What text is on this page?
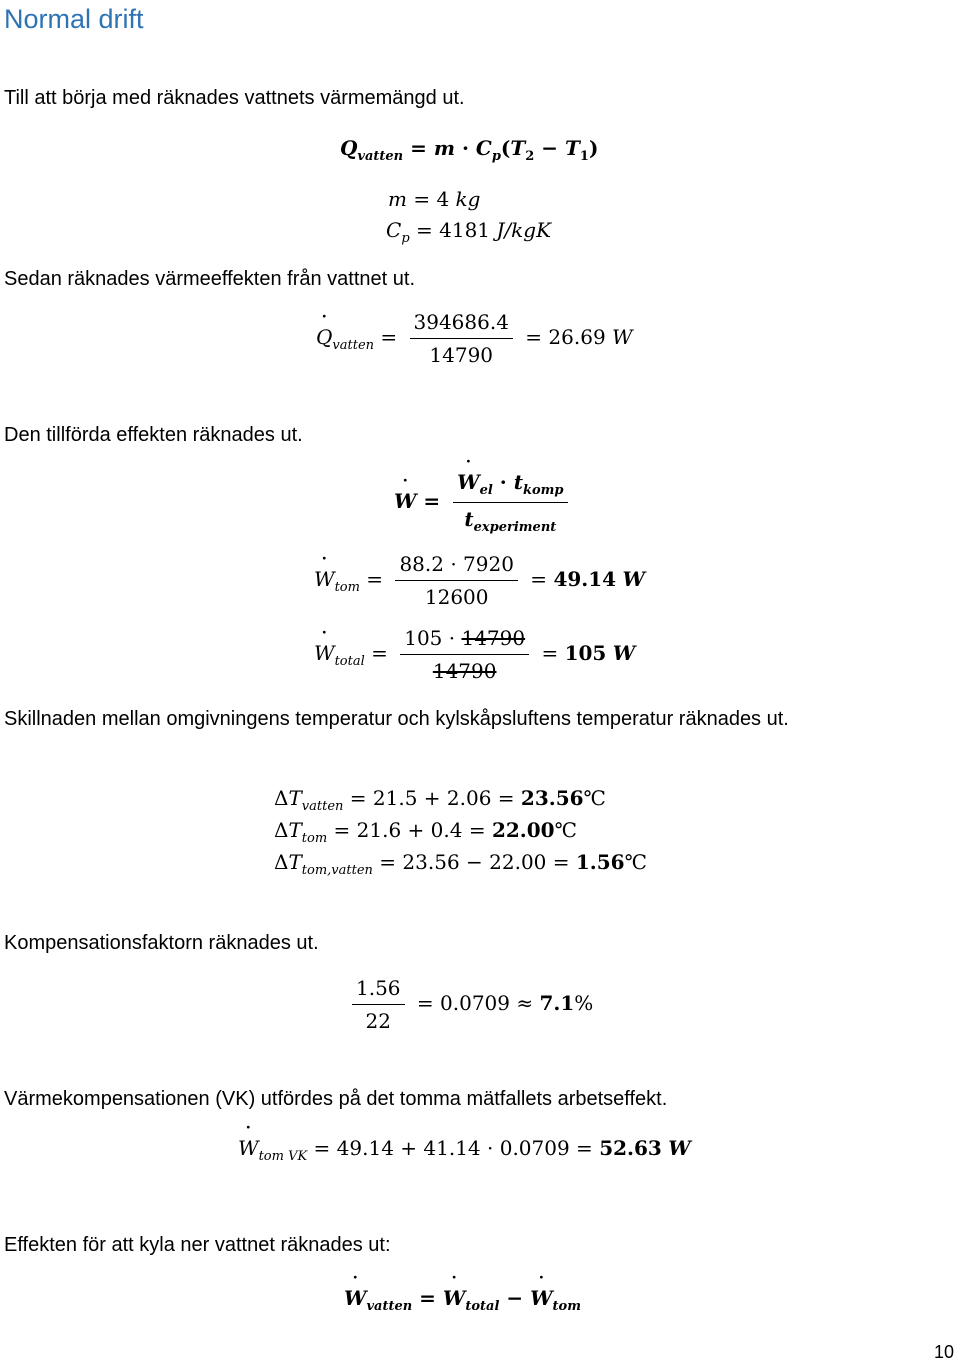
Normal drift
Till att börja med räknades vattnets värmemängd ut.
$Q_{vatten} = m \cdot C_p(T_2 - T_1)$
m = 4 kg
$C_p = 4181$ J/kgK
Sedan räknades värmeeffekten från vattnet ut.
˙ $Q_{vatten} = \frac{394686.4}{14790} = 26.69$ W
Den tillförda effekten räknades ut.
˙ W =
˙ $\frac{W_{el} \cdot t_{komp}}{t_{experiment}}$
˙ $W_{tom} = \frac{88.2 \cdot 7920}{12600} = 49.14$ W
˙ $W_{total} = \frac{105 \cdot 14790}{14790} = 105$ W
Skillnaden mellan omgivningens temperatur och kylskåpsluftens temperatur räknades ut.
$\Delta T_{vatten} = 21.5 + 2.06$ = 23.56℃
$\Delta T_{tom} = 21.6 + 0.4$ = 22.00℃
$\Delta T_{tom,vatten} = 23.56 - 22.00$ = 1.56℃
Kompensationsfaktorn räknades ut.
$\frac{1.56}{22} = 0.0709 \approx 7.1\%$
Värmekompensationen (VK) utfördes på det tomma mätfallets arbetseffekt.
˙ $W_{tom VK} = 49.14 + 41.14 \cdot 0.0709 = 52.63$ W
Effekten för att kyla ner vattnet räknades ut:
˙ $W_{vatten}$ = ˙ $W_{total}$ − ˙ $W_{tom}$
10
